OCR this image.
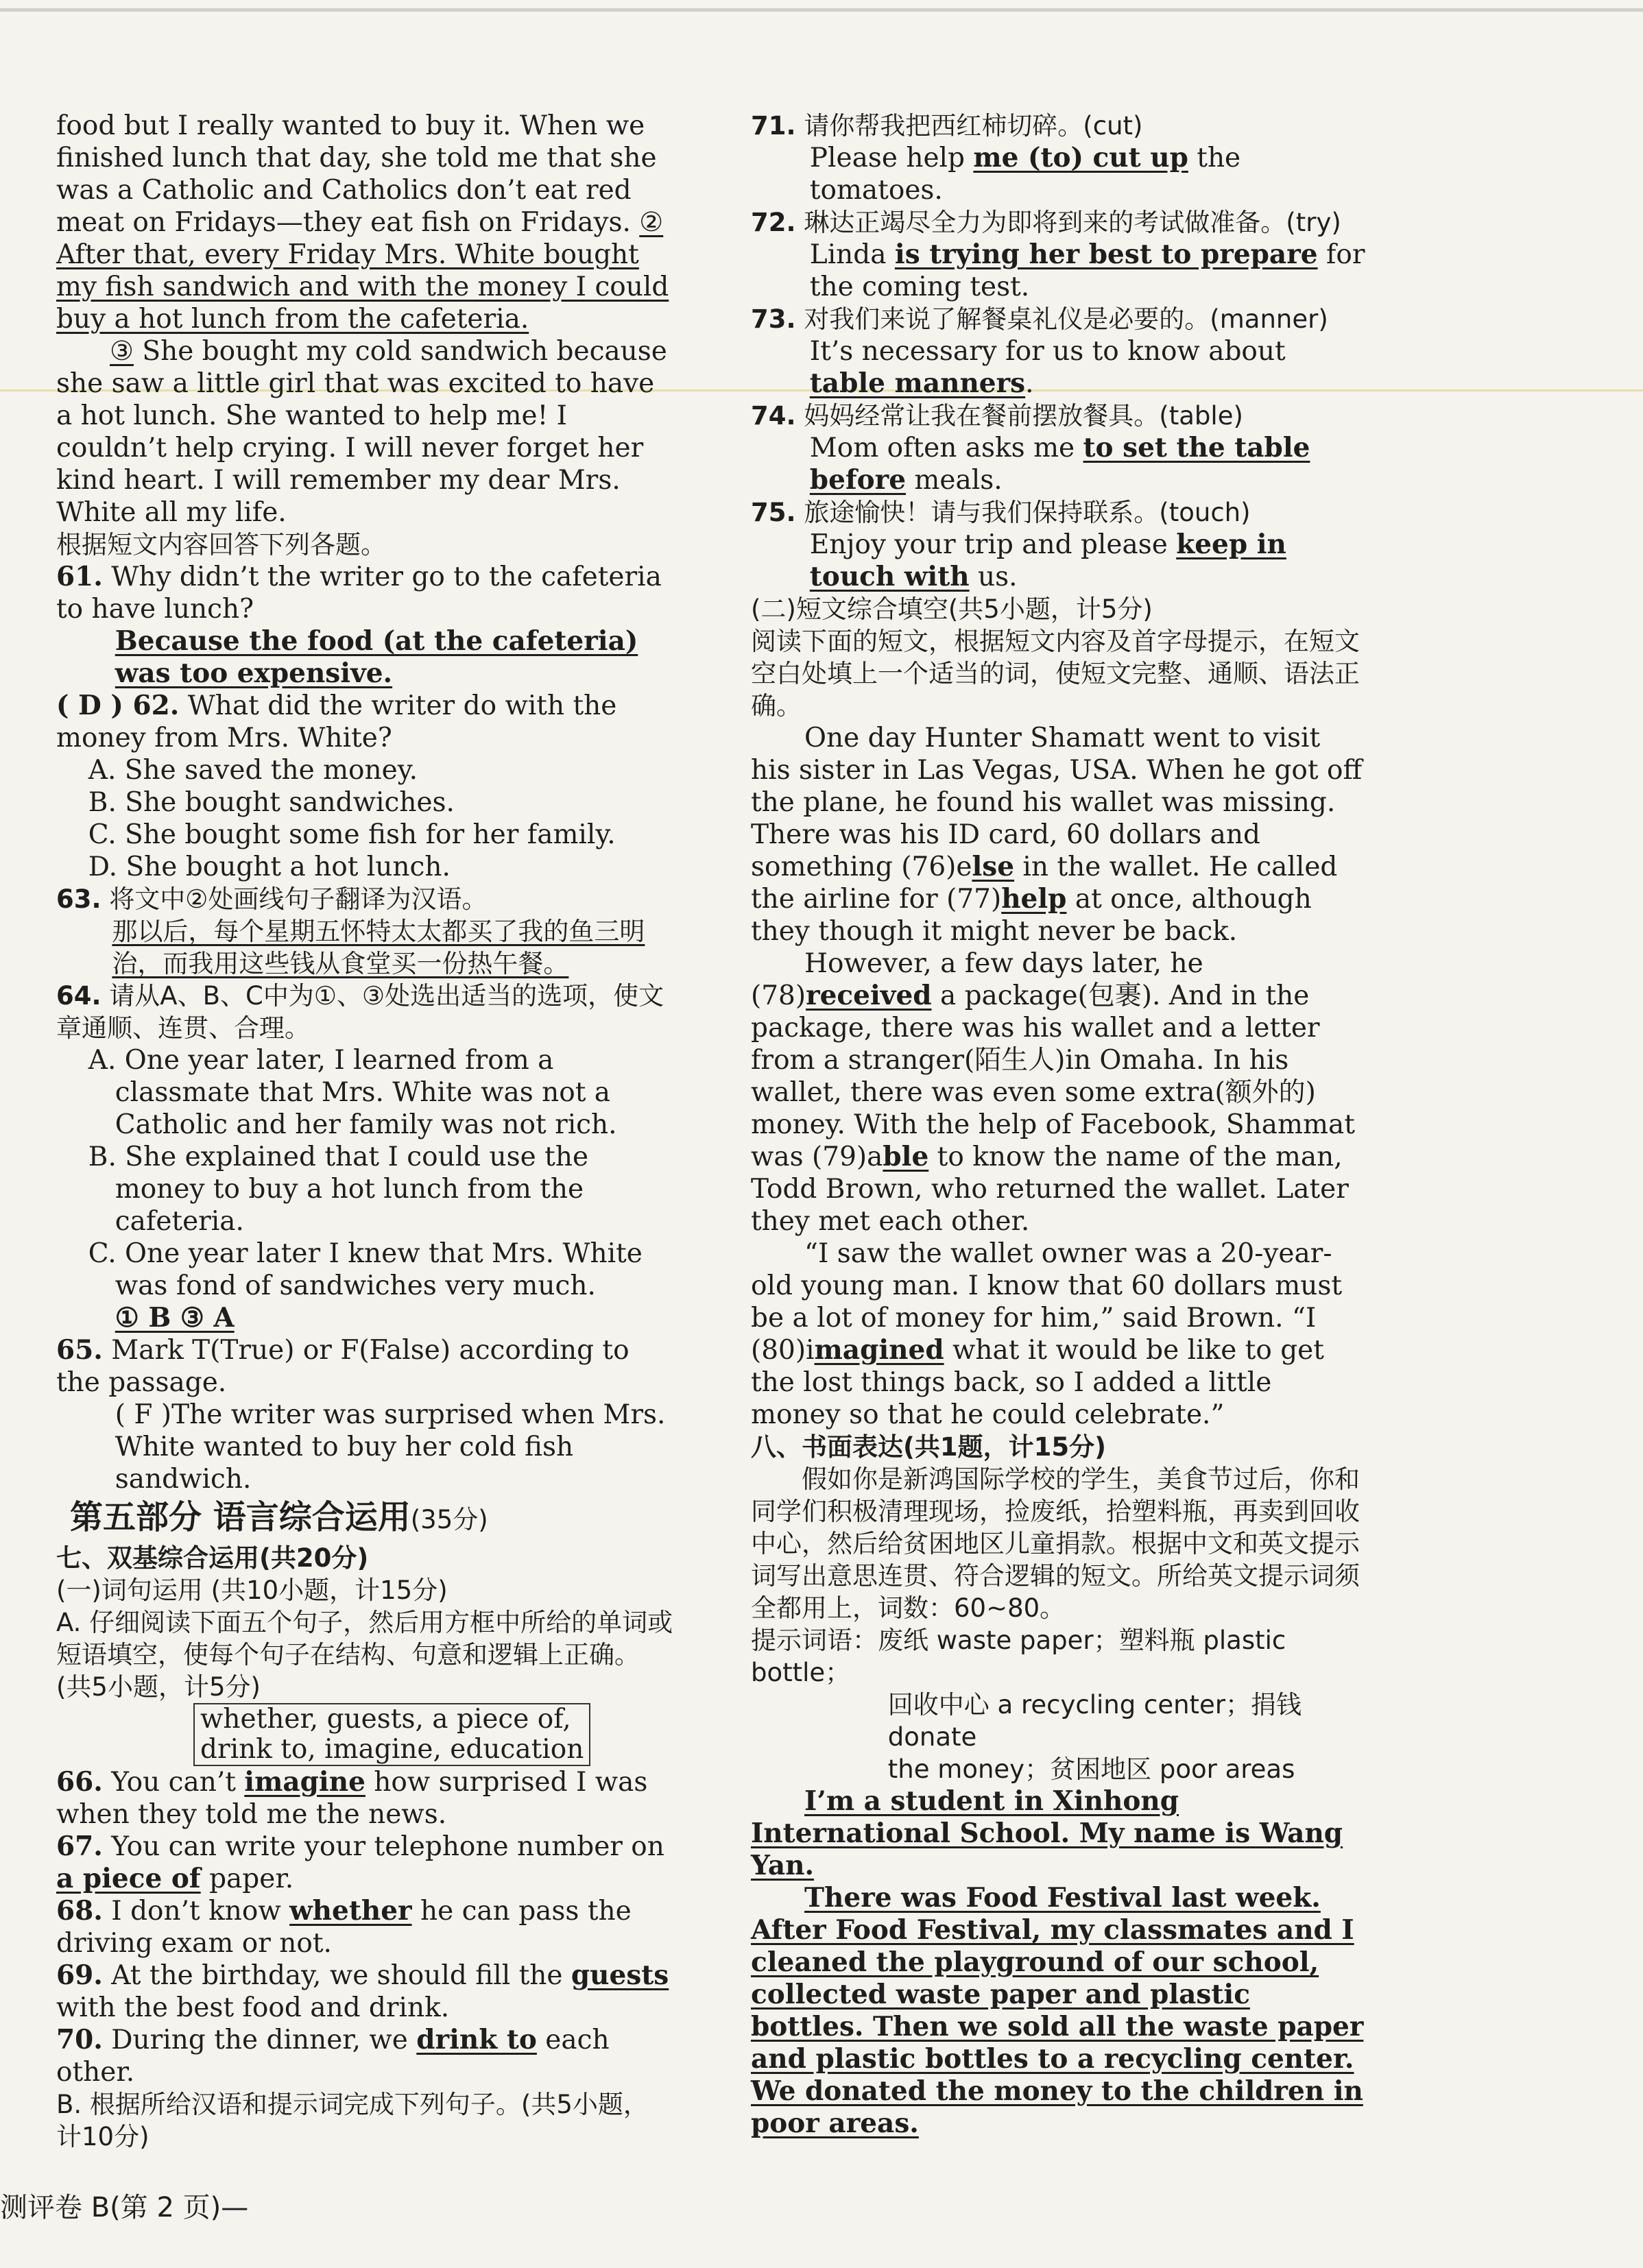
food but I really wanted to buy it. When we finished lunch that day, she told me that she was a Catholic and Catholics don’t eat red meat on Fridays—they eat fish on Fridays. ② After that, every Friday Mrs. White bought my fish sandwich and with the money I could buy a hot lunch from the cafeteria.

③ She bought my cold sandwich because she saw a little girl that was excited to have a hot lunch. She wanted to help me! I couldn’t help crying. I will never forget her kind heart. I will remember my dear Mrs. White all my life.

根据短文内容回答下列各题。

61. Why didn’t the writer go to the cafeteria to have lunch?

Because the food (at the cafeteria) was too expensive.

( D ) 62. What did the writer do with the money from Mrs. White?

A. She saved the money.

B. She bought sandwiches.

C. She bought some fish for her family.

D. She bought a hot lunch.

63. 将文中②处画线句子翻译为汉语。

那以后，每个星期五怀特太太都买了我的鱼三明治，而我用这些钱从食堂买一份热午餐。

64. 请从A、B、C中为①、③处选出适当的选项，使文章通顺、连贯、合理。

A. One year later, I learned from a classmate that Mrs. White was not a Catholic and her family was not rich.

B. She explained that I could use the money to buy a hot lunch from the cafeteria.

C. One year later I knew that Mrs. White was fond of sandwiches very much.

① B ③ A

65. Mark T(True) or F(False) according to the passage.

( F )The writer was surprised when Mrs. White wanted to buy her cold fish sandwich.

第五部分 语言综合运用(35分)

七、双基综合运用(共20分)

(一)词句运用 (共10小题，计15分)

A. 仔细阅读下面五个句子，然后用方框中所给的单词或短语填空，使每个句子在结构、句意和逻辑上正确。(共5小题，计5分)

whether, guests, a piece of,
drink to, imagine, education

66. You can’t imagine how surprised I was when they told me the news.

67. You can write your telephone number on a piece of paper.

68. I don’t know whether he can pass the driving exam or not.

69. At the birthday, we should fill the guests with the best food and drink.

70. During the dinner, we drink to each other.

B. 根据所给汉语和提示词完成下列句子。(共5小题，计10分)

71. 请你帮我把西红柿切碎。(cut)

Please help me (to) cut up the tomatoes.

72. 琳达正竭尽全力为即将到来的考试做准备。(try)

Linda is trying her best to prepare for the coming test.

73. 对我们来说了解餐桌礼仪是必要的。(manner)

It’s necessary for us to know about table manners.

74. 妈妈经常让我在餐前摆放餐具。(table)

Mom often asks me to set the table before meals.

75. 旅途愉快！请与我们保持联系。(touch)

Enjoy your trip and please keep in touch with us.

(二)短文综合填空(共5小题，计5分)

阅读下面的短文，根据短文内容及首字母提示，在短文空白处填上一个适当的词，使短文完整、通顺、语法正确。

One day Hunter Shamatt went to visit his sister in Las Vegas, USA. When he got off the plane, he found his wallet was missing. There was his ID card, 60 dollars and something (76)else in the wallet. He called the airline for (77)help at once, although they though it might never be back.

However, a few days later, he (78)received a package(包裹). And in the package, there was his wallet and a letter from a stranger(陌生人)in Omaha. In his wallet, there was even some extra(额外的) money. With the help of Facebook, Shammat was (79)able to know the name of the man, Todd Brown, who returned the wallet. Later they met each other.

“I saw the wallet owner was a 20-year-old young man. I know that 60 dollars must be a lot of money for him,” said Brown. “I (80)imagined what it would be like to get the lost things back, so I added a little money so that he could celebrate.”

八、书面表达(共1题，计15分)

假如你是新鸿国际学校的学生，美食节过后，你和同学们积极清理现场，捡废纸，拾塑料瓶，再卖到回收中心，然后给贫困地区儿童捐款。根据中文和英文提示词写出意思连贯、符合逻辑的短文。所给英文提示词须全都用上，词数：60~80。

提示词语：废纸 waste paper；塑料瓶 plastic bottle；

回收中心 a recycling center；捐钱 donate

the money；贫困地区 poor areas

I’m a student in Xinhong International School. My name is Wang Yan.

There was Food Festival last week. After Food Festival, my classmates and I cleaned the playground of our school, collected waste paper and plastic bottles. Then we sold all the waste paper and plastic bottles to a recycling center. We donated the money to the children in poor areas.

测评卷 B(第 2 页)—
